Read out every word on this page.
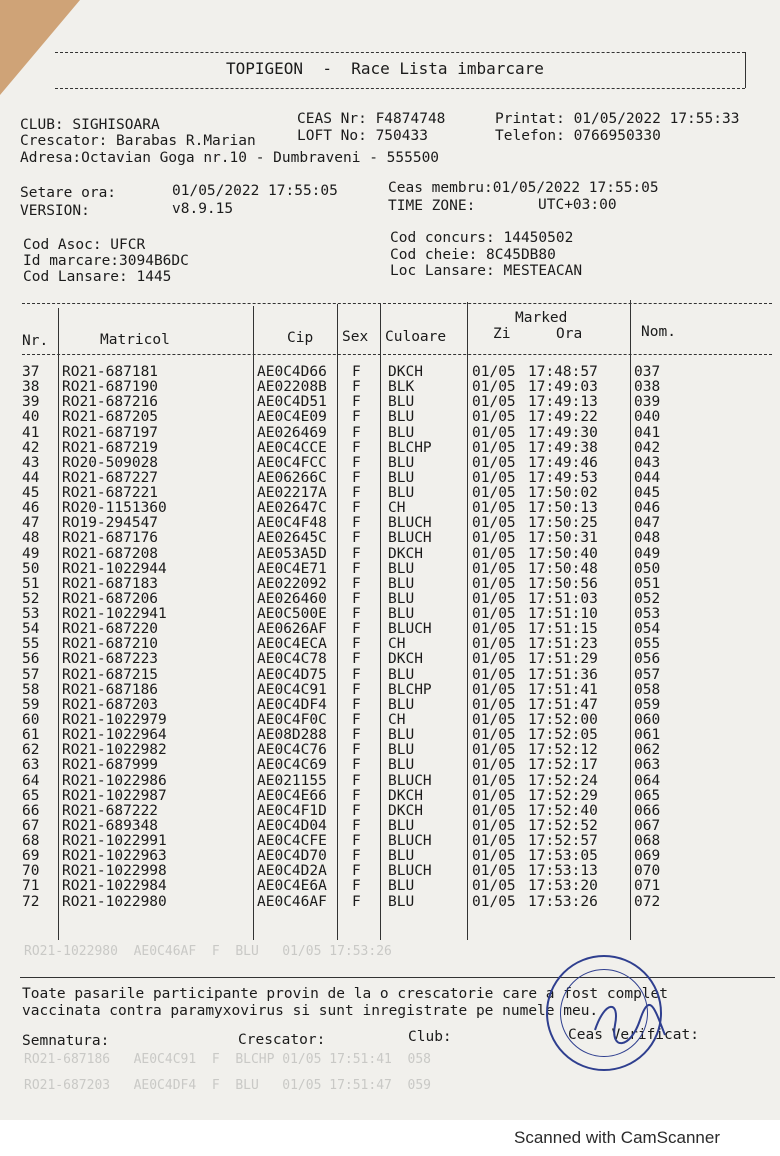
TOPIGEON  -  Race Lista imbarcare
CLUB: SIGHISOARA	CEAS Nr: F4874748	Printat: 01/05/2022 17:55:33
Crescator: Barabas R.Marian	LOFT No: 750433	Telefon: 0766950330
Adresa:Octavian Goga nr.10 - Dumbraveni - 555500
Setare ora:	01/05/2022 17:55:05	Ceas membru:01/05/2022 17:55:05
VERSION:	v8.9.15	TIME ZONE:	UTC+03:00
Cod Asoc: UFCR
Id marcare:3094B6DC
Cod Lansare: 1445
Cod concurs: 14450502
Cod cheie: 8C45DB80
Loc Lansare: MESTEACAN
Nr.	Matricol	Cip Sex Culoare
Marked
Zi	Ora	Nom.
37 RO21-687181	AE0C4D66 F DKCH	01/05 17:48:57 037
38 RO21-687190	AE02208B F BLK	01/05 17:49:03 038
39 RO21-687216	AE0C4D51 F BLU	01/05 17:49:13 039
40 RO21-687205	AE0C4E09 F BLU	01/05 17:49:22 040
41 RO21-687197	AE026469 F BLU	01/05 17:49:30 041
42 RO21-687219	AE0C4CCE F BLCHP	01/05 17:49:38 042
43 RO20-509028	AE0C4FCC F BLU	01/05 17:49:46 043
44 RO21-687227	AE06266C F BLU	01/05 17:49:53 044
45 RO21-687221	AE02217A F BLU	01/05 17:50:02 045
46 RO20-1151360	AE02647C F CH	01/05 17:50:13 046
47 RO19-294547	AE0C4F48 F BLUCH	01/05 17:50:25 047
48 RO21-687176	AE02645C F BLUCH	01/05 17:50:31 048
49 RO21-687208	AE053A5D F DKCH	01/05 17:50:40 049
50 RO21-1022944	AE0C4E71 F BLU	01/05 17:50:48 050
51 RO21-687183	AE022092 F BLU	01/05 17:50:56 051
52 RO21-687206	AE026460 F BLU	01/05 17:51:03 052
53 RO21-1022941	AE0C500E F BLU	01/05 17:51:10 053
54 RO21-687220	AE0626AF F BLUCH	01/05 17:51:15 054
55 RO21-687210	AE0C4ECA F CH	01/05 17:51:23 055
56 RO21-687223	AE0C4C78 F DKCH	01/05 17:51:29 056
57 RO21-687215	AE0C4D75 F BLU	01/05 17:51:36 057
58 RO21-687186	AE0C4C91 F BLCHP	01/05 17:51:41 058
59 RO21-687203	AE0C4DF4 F BLU	01/05 17:51:47 059
60 RO21-1022979	AE0C4F0C F CH	01/05 17:52:00 060
61 RO21-1022964	AE08D288 F BLU	01/05 17:52:05 061
62 RO21-1022982	AE0C4C76 F BLU	01/05 17:52:12 062
63 RO21-687999	AE0C4C69 F BLU	01/05 17:52:17 063
64 RO21-1022986	AE021155 F BLUCH	01/05 17:52:24 064
65 RO21-1022987	AE0C4E66 F DKCH	01/05 17:52:29 065
66 RO21-687222	AE0C4F1D F DKCH	01/05 17:52:40 066
67 RO21-689348	AE0C4D04 F BLU	01/05 17:52:52 067
68 RO21-1022991	AE0C4CFE F BLUCH	01/05 17:52:57 068
69 RO21-1022963	AE0C4D70 F BLU	01/05 17:53:05 069
70 RO21-1022998	AE0C4D2A F BLUCH	01/05 17:53:13 070
71 RO21-1022984	AE0C4E6A F BLU	01/05 17:53:20 071
72 RO21-1022980	AE0C46AF F BLU	01/05 17:53:26 072
RO21-1022980  AE0C46AF  F  BLU   01/05 17:53:26
RO21-687186   AE0C4C91  F  BLCHP 01/05 17:51:41  058
RO21-687203   AE0C4DF4  F  BLU   01/05 17:51:47  059
Toate pasarile participante provin de la o crescatorie care a fost complet
vaccinata contra paramyxovirus si sunt inregistrate pe numele meu.
Semnatura:	Crescator:	Club:	Ceas Verificat:
Scanned with CamScanner
